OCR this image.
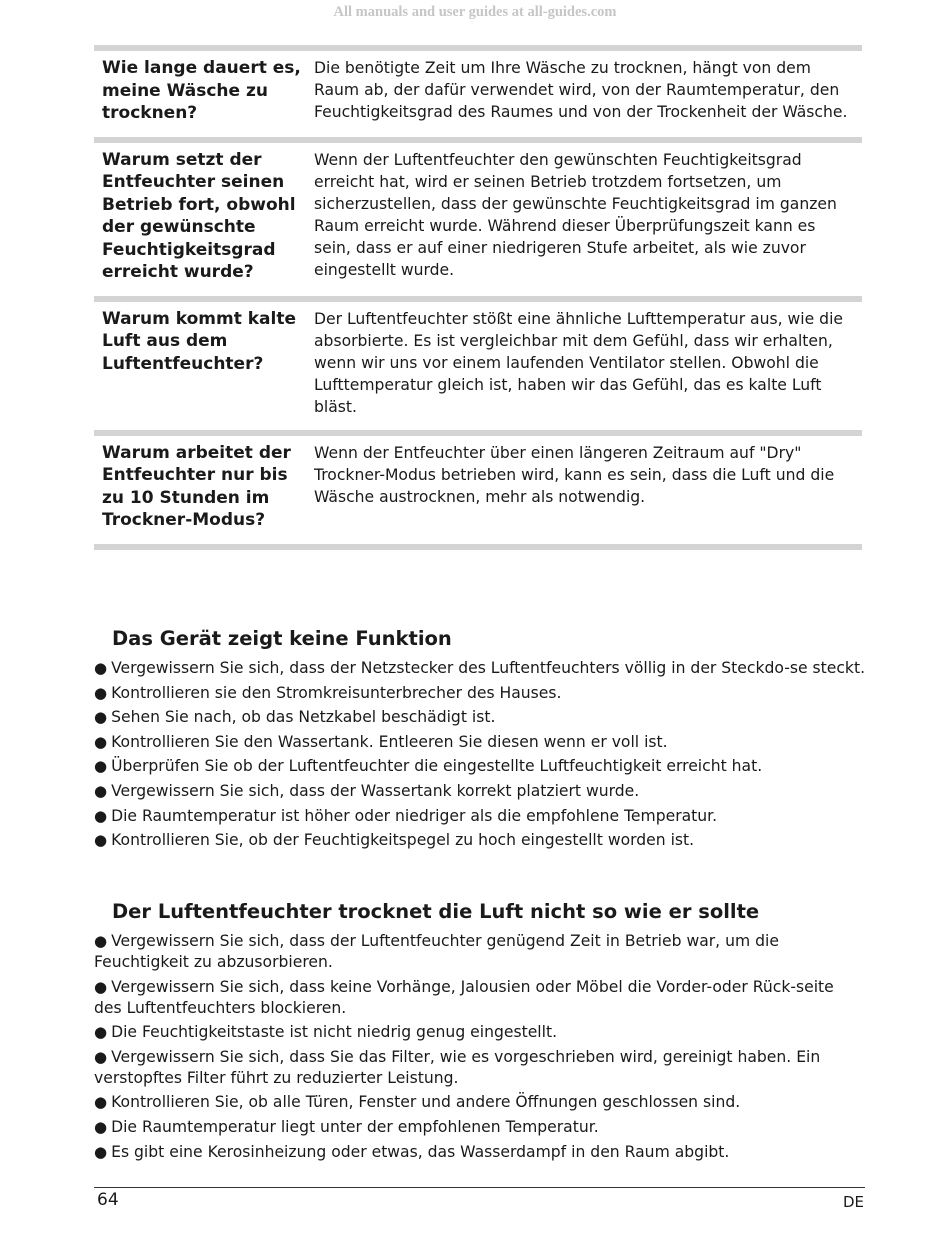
All manuals and user guides at all-guides.com
Wie lange dauert es, meine Wäsche zu trocknen?
Die benötigte Zeit um Ihre Wäsche zu trocknen, hängt von dem Raum ab, der dafür verwendet wird, von der Raumtemperatur, den Feuchtigkeitsgrad des Raumes und von der Trockenheit der Wäsche.
Warum setzt der Entfeuchter seinen Betrieb fort, obwohl der gewünschte Feuchtigkeitsgrad erreicht wurde?
Wenn der Luftentfeuchter den gewünschten Feuchtigkeitsgrad erreicht hat, wird er seinen Betrieb trotzdem fortsetzen, um sicherzustellen, dass der gewünschte Feuchtigkeitsgrad im ganzen Raum erreicht wurde. Während dieser Überprüfungszeit kann es sein, dass er auf einer niedrigeren Stufe arbeitet, als wie zuvor eingestellt wurde.
Warum kommt kalte Luft aus dem Luftentfeuchter?
Der Luftentfeuchter stößt eine ähnliche Lufttemperatur aus, wie die absorbierte. Es ist vergleichbar mit dem Gefühl, dass wir erhalten, wenn wir uns vor einem laufenden Ventilator stellen. Obwohl die Lufttemperatur gleich ist, haben wir das Gefühl, das es kalte Luft bläst.
Warum arbeitet der Entfeuchter nur bis zu 10 Stunden im Trockner-Modus?
Wenn der Entfeuchter über einen längeren Zeitraum auf "Dry" Trockner-Modus betrieben wird, kann es sein, dass die Luft und die Wäsche austrocknen, mehr als notwendig.
Das Gerät zeigt keine Funktion
● Vergewissern Sie sich, dass der Netzstecker des Luftentfeuchters völlig in der Steckdo-se steckt.
● Kontrollieren sie den Stromkreisunterbrecher des Hauses.
● Sehen Sie nach, ob das Netzkabel beschädigt ist.
● Kontrollieren Sie den Wassertank. Entleeren Sie diesen wenn er voll ist.
● Überprüfen Sie ob der Luftentfeuchter die eingestellte Luftfeuchtigkeit erreicht hat.
● Vergewissern Sie sich, dass der Wassertank korrekt platziert wurde.
● Die Raumtemperatur ist höher oder niedriger als die empfohlene Temperatur.
● Kontrollieren Sie, ob der Feuchtigkeitspegel zu hoch eingestellt worden ist.
Der Luftentfeuchter trocknet die Luft nicht so wie er sollte
● Vergewissern Sie sich, dass der Luftentfeuchter genügend Zeit in Betrieb war, um die Feuchtigkeit zu abzusorbieren.
● Vergewissern Sie sich, dass keine Vorhänge, Jalousien oder Möbel die Vorder-oder Rück-seite des Luftentfeuchters blockieren.
● Die Feuchtigkeitstaste ist nicht niedrig genug eingestellt.
● Vergewissern Sie sich, dass Sie das Filter, wie es vorgeschrieben wird, gereinigt haben. Ein verstopftes Filter führt zu reduzierter Leistung.
● Kontrollieren Sie, ob alle Türen, Fenster und andere Öffnungen geschlossen sind.
● Die Raumtemperatur liegt unter der empfohlenen Temperatur.
● Es gibt eine Kerosinheizung oder etwas, das Wasserdampf in den Raum abgibt.
64	DE
